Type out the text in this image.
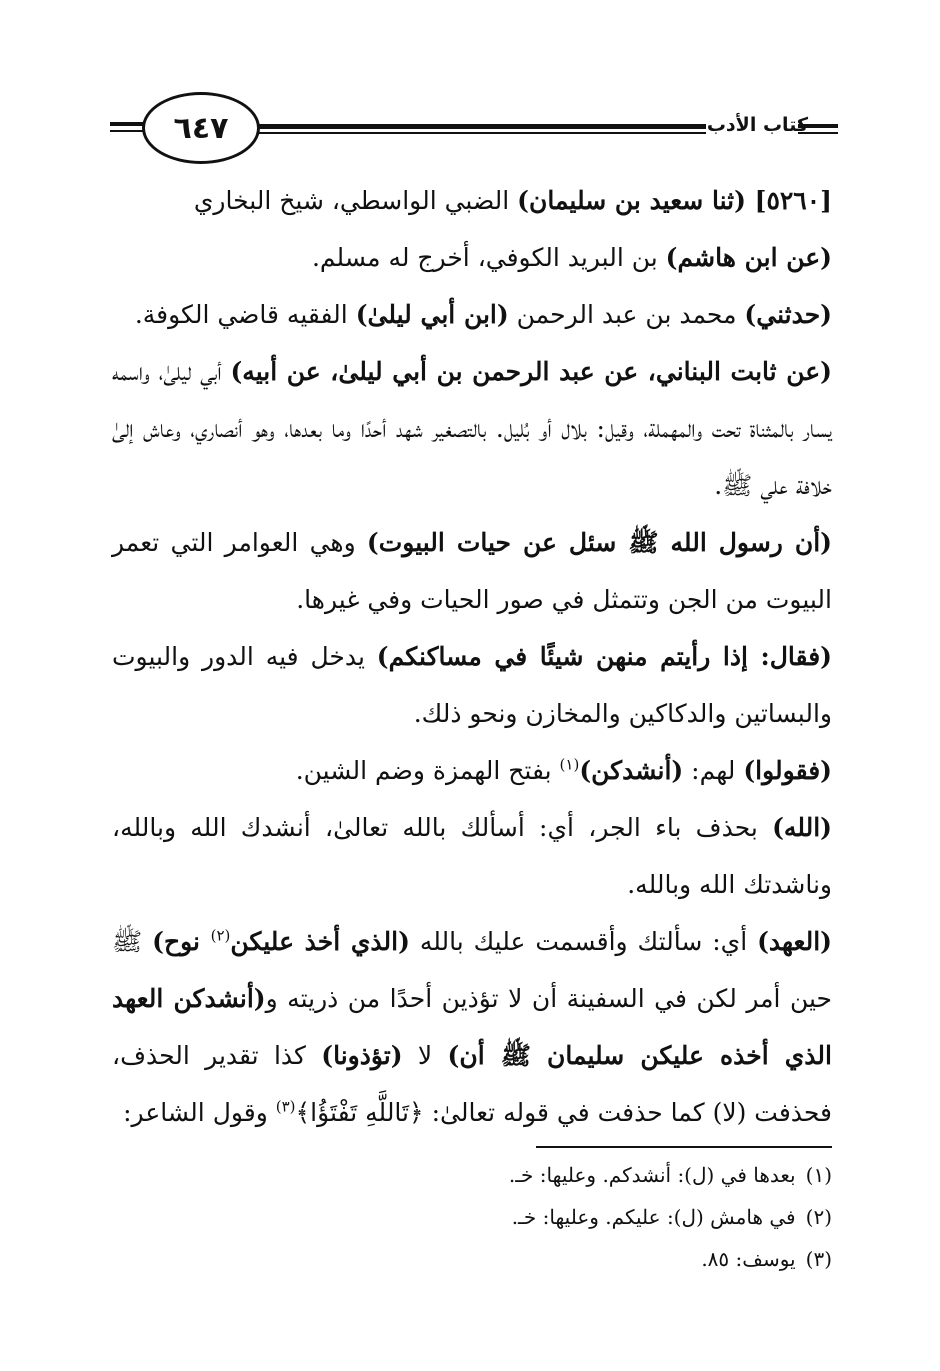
٦٤٧	كتاب الأدب

[٥٢٦٠] (ثنا سعيد بن سليمان) الضبي الواسطي، شيخ البخاري

(عن ابن هاشم) بن البريد الكوفي، أخرج له مسلم.

(حدثني) محمد بن عبد الرحمن (ابن أبي ليلىٰ) الفقيه قاضي الكوفة.

(عن ثابت البناني، عن عبد الرحمن بن أبي ليلىٰ، عن أبيه) أبي ليلىٰ، واسمه يسار بالمثناة تحت والمهملة، وقيل: بلال أو بُليل. بالتصغير شهد أحدًا وما بعدها، وهو أنصاري، وعاش إلىٰ خلافة علي ﷺ.

(أن رسول الله ﷺ سئل عن حيات البيوت) وهي العوامر التي تعمر البيوت من الجن وتتمثل في صور الحيات وفي غيرها.

(فقال: إذا رأيتم منهن شيئًا في مساكنكم) يدخل فيه الدور والبيوت والبساتين والدكاكين والمخازن ونحو ذلك.

(فقولوا) لهم: (أنشدكن)$^{(١)}$ بفتح الهمزة وضم الشين.

(الله) بحذف باء الجر، أي: أسألك بالله تعالىٰ، أنشدك الله وبالله، وناشدتك الله وبالله.

(العهد) أي: سألتك وأقسمت عليك بالله (الذي أخذ عليكن$^{(٢)}$ نوح) ﷺ حين أمر لكن في السفينة أن لا تؤذين أحدًا من ذريته و(أنشدكن العهد الذي أخذه عليكن سليمان ﷺ أن) لا (تؤذونا) كذا تقدير الحذف، فحذفت (لا) كما حذفت في قوله تعالىٰ: ﴿تَاللَّهِ تَفْتَؤُا﴾$^{(٣)}$ وقول الشاعر:

(١)بعدها في (ل): أنشدكم. وعليها: خـ.

(٢)في هامش (ل): عليكم. وعليها: خـ.

(٣)يوسف: ٨٥.
